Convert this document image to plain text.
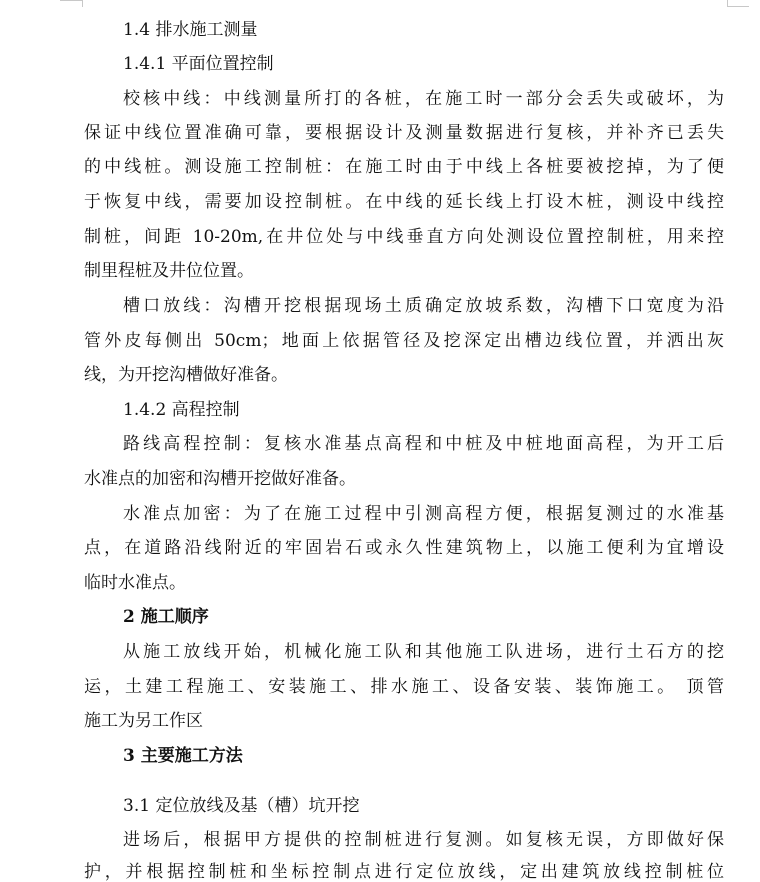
1.4 排水施工测量
1.4.1 平面位置控制
校核中线：中线测量所打的各桩，在施工时一部分会丢失或破坏，为
保证中线位置准确可靠，要根据设计及测量数据进行复核，并补齐已丢失
的中线桩。测设施工控制桩：在施工时由于中线上各桩要被挖掉，为了便
于恢复中线，需要加设控制桩。在中线的延长线上打设木桩，测设中线控
制桩，间距 10-20m,在井位处与中线垂直方向处测设位置控制桩，用来控
制里程桩及井位位置。
槽口放线：沟槽开挖根据现场土质确定放坡系数，沟槽下口宽度为沿
管外皮每侧出 50cm；地面上依据管径及挖深定出槽边线位置，并洒出灰
线，为开挖沟槽做好准备。
1.4.2 高程控制
路线高程控制：复核水准基点高程和中桩及中桩地面高程，为开工后
水准点的加密和沟槽开挖做好准备。
水准点加密：为了在施工过程中引测高程方便，根据复测过的水准基
点，在道路沿线附近的牢固岩石或永久性建筑物上，以施工便利为宜增设
临时水准点。
2 施工顺序
从施工放线开始，机械化施工队和其他施工队进场，进行土石方的挖
运，土建工程施工、安装施工、排水施工、设备安装、装饰施工。 顶管
施工为另工作区
3 主要施工方法
3.1 定位放线及基（槽）坑开挖
进场后，根据甲方提供的控制桩进行复测。如复核无误，方即做好保
护，并根据控制桩和坐标控制点进行定位放线，定出建筑放线控制桩位
